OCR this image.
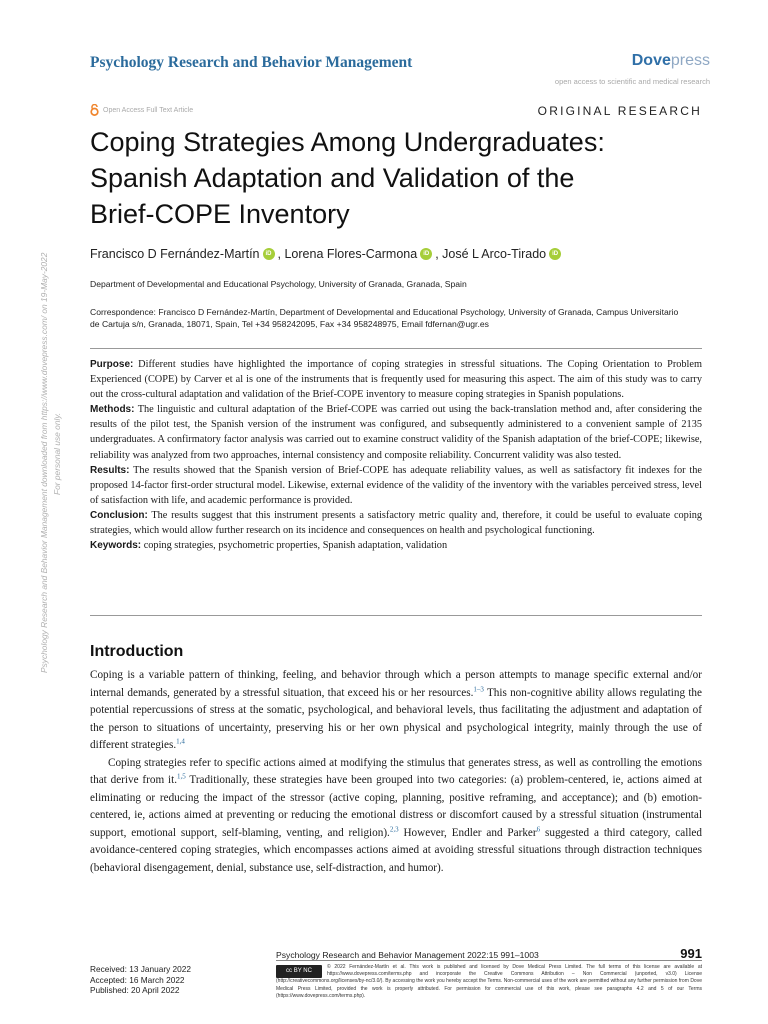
Psychology Research and Behavior Management	Dovepress
open access to scientific and medical research
Open Access Full Text Article	ORIGINAL RESEARCH
Coping Strategies Among Undergraduates:
Spanish Adaptation and Validation of the
Brief-COPE Inventory
Francisco D Fernández-Martín	iD ,
Lorena Flores-Carmona	iD ,
José L Arco-Tirado	iD
Department of Developmental and Educational Psychology, University of Granada, Granada, Spain
Correspondence: Francisco D Fernández-Martín, Department of Developmental and Educational Psychology, University of Granada, Campus Universitario de Cartuja s/n, Granada, 18071, Spain, Tel +34 958242095, Fax +34 958248975, Email fdfernan@ugr.es

Purpose: Different studies have highlighted the importance of coping strategies in stressful situations. The Coping Orientation to Problem Experienced (COPE) by Carver et al is one of the instruments that is frequently used for measuring this aspect. The aim of this study was to carry out the cross-cultural adaptation and validation of the Brief-COPE inventory to measure coping strategies in Spanish populations.

Methods: The linguistic and cultural adaptation of the Brief-COPE was carried out using the back-translation method and, after considering the results of the pilot test, the Spanish version of the instrument was configured, and subsequently administered to a convenient sample of 2135 undergraduates. A confirmatory factor analysis was carried out to examine construct validity of the Spanish adaptation of the brief-COPE; likewise, reliability was analyzed from two approaches, internal consistency and composite reliability. Concurrent validity was also tested.

Results: The results showed that the Spanish version of Brief-COPE has adequate reliability values, as well as satisfactory fit indexes for the proposed 14-factor first-order structural model. Likewise, external evidence of the validity of the inventory with the variables perceived stress, level of satisfaction with life, and academic performance is provided.

Conclusion: The results suggest that this instrument presents a satisfactory metric quality and, therefore, it could be useful to evaluate coping strategies, which would allow further research on its incidence and consequences on health and psychological functioning.

Keywords: coping strategies, psychometric properties, Spanish adaptation, validation

Introduction

Coping is a variable pattern of thinking, feeling, and behavior through which a person attempts to manage specific external and/or internal demands, generated by a stressful situation, that exceed his or her resources.$^{1-3}$ This non-cognitive ability allows regulating the potential repercussions of stress at the somatic, psychological, and behavioral levels, thus facilitating the adjustment and adaptation of the person to situations of uncertainty, preserving his or her own physical and psychological integrity, mainly through the use of different strategies.$^{1,4}$

Coping strategies refer to specific actions aimed at modifying the stimulus that generates stress, as well as controlling the emotions that derive from it.$^{1,5}$ Traditionally, these strategies have been grouped into two categories: (a) problem-centered, ie, actions aimed at eliminating or reducing the impact of the stressor (active coping, planning, positive reframing, and acceptance); and (b) emotion-centered, ie, actions aimed at preventing or reducing the emotional distress or discomfort caused by a stressful situation (instrumental support, emotional support, self-blaming, venting, and religion).$^{2,3}$ However, Endler and Parker$^6$ suggested a third category, called avoidance-centered coping strategies, which encompasses actions aimed at avoiding stressful situations through distraction techniques (behavioral disengagement, denial, substance use, self-distraction, and humor).

Psychology Research and Behavior Management downloaded from https://www.dovepress.com/ on 19-May-2022 For personal use only.
Psychology Research and Behavior Management 2022:15 991–1003	991
Received: 13 January 2022
Accepted: 16 March 2022
Published: 20 April 2022
cc BY NC
© 2022 Fernández-Martín et al. This work is published and licensed by Dove Medical Press Limited. The full terms of this license are available at https://www.dovepress.com/terms.php and incorporate the Creative Commons Attribution – Non Commercial (unported, v3.0) License (http://creativecommons.org/licenses/by-nc/3.0/). By accessing the work you hereby accept the Terms. Non-commercial uses of the work are permitted without any further permission from Dove Medical Press Limited, provided the work is properly attributed. For permission for commercial use of this work, please see paragraphs 4.2 and 5 of our Terms (https://www.dovepress.com/terms.php).
